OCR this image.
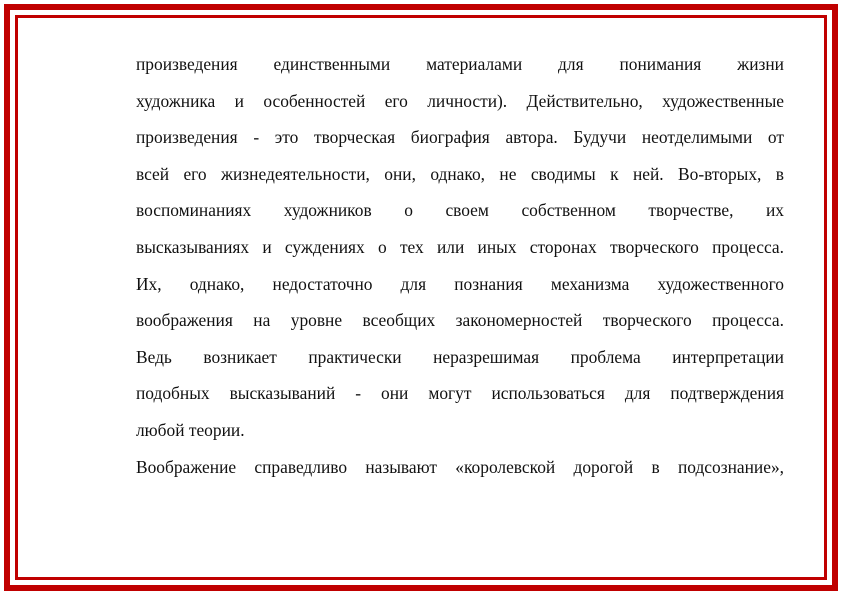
произведения единственными материалами для понимания жизни
художника и особенностей его личности). Действительно, художественные
произведения - это творческая биография автора. Будучи неотделимыми от
всей его жизнедеятельности, они, однако, не сводимы к ней. Во-вторых, в
воспоминаниях художников о своем собственном творчестве, их
высказываниях и суждениях о тех или иных сторонах творческого процесса.
Их, однако, недостаточно для познания механизма художественного
воображения на уровне всеобщих закономерностей творческого процесса.
Ведь возникает практически неразрешимая проблема интерпретации
подобных высказываний - они могут использоваться для подтверждения
любой теории.
Воображение справедливо называют «королевской дорогой в подсознание»,
